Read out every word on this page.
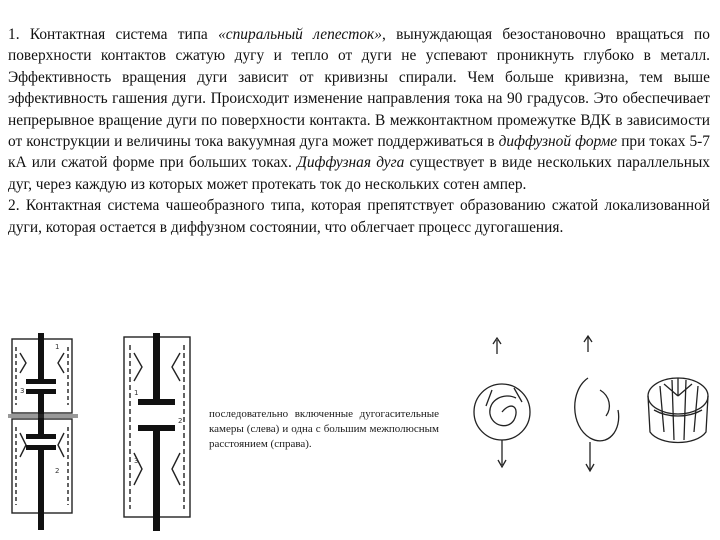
1. Контактная система типа «спиральный лепесток», вынуждающая безостановочно вращаться по поверхности контактов сжатую дугу и тепло от дуги не успевают проникнуть глубоко в металл. Эффективность вращения дуги зависит от кривизны спирали. Чем больше кривизна, тем выше эффективность гашения дуги. Происходит изменение направления тока на 90 градусов. Это обеспечивает непрерывное вращение дуги по поверхности контакта. В межконтактном промежутке ВДК в зависимости от конструкции и величины тока вакуумная дуга может поддерживаться в диффузной форме при токах 5-7 кА или сжатой форме при больших токах. Диффузная дуга существует в виде нескольких параллельных дуг, через каждую из которых может протекать ток до нескольких сотен ампер.

2. Контактная система чашеобразного типа, которая препятствует образованию сжатой локализованной дуги, которая остается в диффузном состоянии, что облегчает процесс дугогашения.

1
3
2
1
2
3
последовательно включенные дугогасительные камеры (слева) и одна с большим межполюсным расстоянием (справа).
